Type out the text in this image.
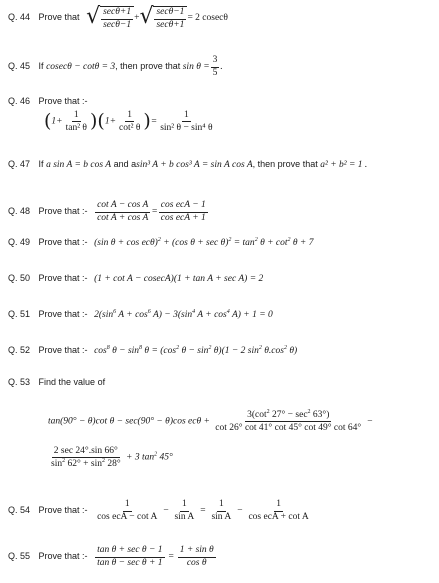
Q. 44 Prove that √ $\frac{\sec\theta+1}{\sec\theta-1}$ + √ $\frac{\sec\theta-1}{\sec\theta+1} = 2$ cosecθ
Q. 45 If cosecθ − cotθ = 3, then prove that $\sin \theta = \frac{3}{5}$ .
Q. 46 Prove that :-
$(1+ \frac{1}{\text{tan² θ}} )(1+ \frac{1}{\text{cot² θ}}$ )= $\frac{1}{\text{sin² θ − sin⁴ θ}}$
Q. 47 If a sin A = b cos A and asin³ A + b cos³ A = sin A cos A, then prove that a² + b² = 1 .
Q. 48 Prove that :- $\frac{\text{cot A − cos A}}{\text{cot A + cos A}} = \frac{\text{cos ecA − 1}}{\text{cos ecA + 1}}$
Q. 49 Prove that :- (sin θ + cos ecθ)$^2$ + (cos $\theta + \sec \theta)^2 = \tan^2 \theta + \cot^2 \theta + 7$
Q. 50 Prove that :- (1 + cot A − cosecA)(1 + tan A + sec A) = 2
Q. 51 Prove that :- $2(\sin^6$ $A + \cos^6 A) - 3(\sin^4$ $A + \cos^4 A) + 1 = 0$
Q. 52 Prove that :- $\cos^8 \theta - \sin^8 \theta = (\cos^2$ $\theta - \sin^2 \theta)(1 - 2$ $\sin^2 \theta.\cos^2$ θ)
Q. 53 Find the value of
tan(90° − θ)cot θ − sec(90° − θ)cos $ec\theta + \frac{3(\cot^2 27^\circ - \sec^2 63^\circ)}{\cot 26^\circ \cot 41^\circ \cot 45^\circ \cot 49^\circ \cot 64^\circ}$ −
$\frac{2 \sec 24^\circ.\sin 66^\circ}{\sin^2 62^\circ + \sin^2 28^\circ} + 3$ $\tan^2 45^\circ$
Q. 54 Prove that :- $\frac{1}{\text{cos ecA − cot A}} - \frac{1}{\text{sin A}} = \frac{1}{\text{sin A}} - \frac{1}{\text{cos ecA + cot A}}$
Q. 55 Prove that :- $\frac{\text{tan θ + sec θ − 1}}{\text{tan θ − sec θ + 1}} = \frac{\text{1 + sin θ}}{\text{cos θ}}$
